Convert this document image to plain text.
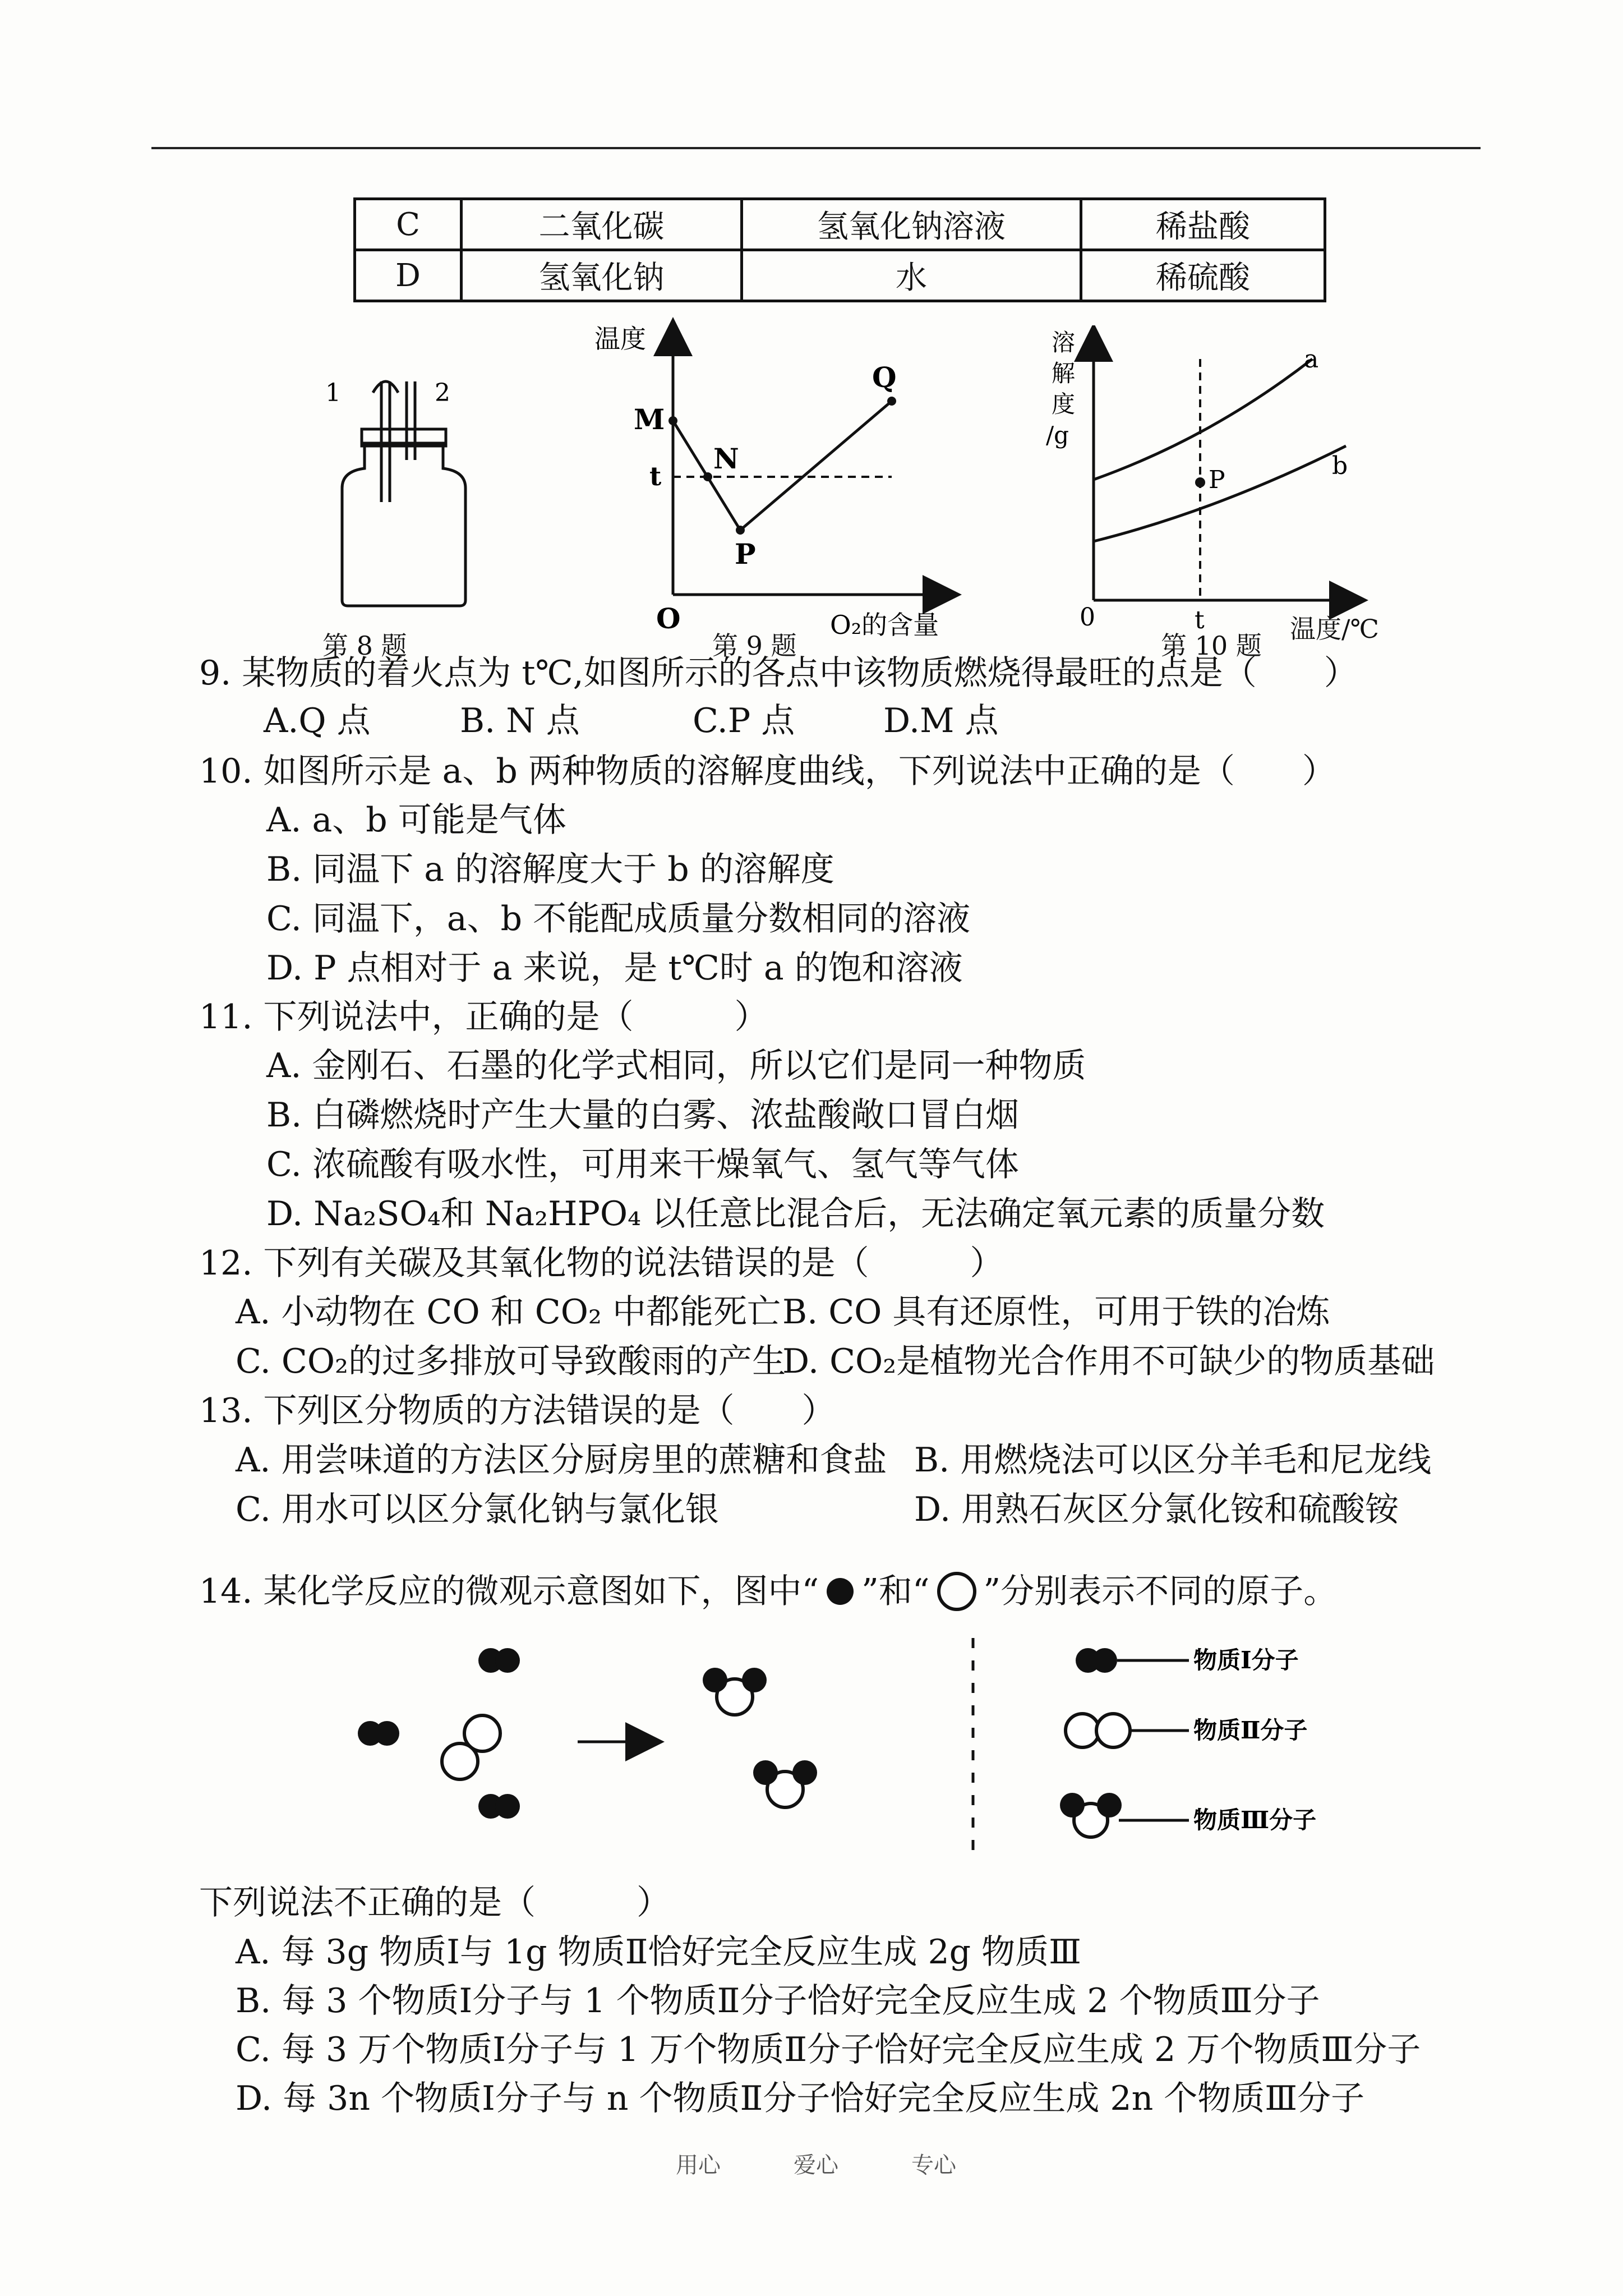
C	二氧化碳	氢氧化钠溶液	稀盐酸
D	氢氧化钠	水	稀硫酸
1	2
第 8 题
温度
M
N
P
Q
t
O	O₂的含量
第 9 题
溶
解
度
/g
P
a
b
0	t
第 10 题
温度/℃
9. 某物质的着火点为 t℃,如图所示的各点中该物质燃烧得最旺的点是（　　）
A.Q 点	B. N 点	C.P 点	D.M 点
10. 如图所示是 a、b 两种物质的溶解度曲线，下列说法中正确的是（　　）
A. a、b 可能是气体
B. 同温下 a 的溶解度大于 b 的溶解度
C. 同温下，a、b 不能配成质量分数相同的溶液
D. P 点相对于 a 来说，是 t℃时 a 的饱和溶液
11. 下列说法中，正确的是（　　　）
A. 金刚石、石墨的化学式相同，所以它们是同一种物质
B. 白磷燃烧时产生大量的白雾、浓盐酸敞口冒白烟
C. 浓硫酸有吸水性，可用来干燥氧气、氢气等气体
D. Na₂SO₄和 Na₂HPO₄ 以任意比混合后，无法确定氧元素的质量分数
12. 下列有关碳及其氧化物的说法错误的是（　　　）
A. 小动物在 CO 和 CO₂ 中都能死亡 B. CO 具有还原性，可用于铁的冶炼
C. CO₂的过多排放可导致酸雨的产生
D. CO₂是植物光合作用不可缺少的物质基础
13. 下列区分物质的方法错误的是（　　）
A. 用尝味道的方法区分厨房里的蔗糖和食盐 B. 用燃烧法可以区分羊毛和尼龙线
C. 用水可以区分氯化钠与氯化银	D. 用熟石灰区分氯化铵和硫酸铵
14. 某化学反应的微观示意图如下，图中“ ”和“ ”分别表示不同的原子。
物质Ⅰ分子
物质Ⅱ分子
物质Ⅲ分子
下列说法不正确的是（　　　）
A. 每 3g 物质Ⅰ与 1g 物质Ⅱ恰好完全反应生成 2g 物质Ⅲ
B. 每 3 个物质Ⅰ分子与 1 个物质Ⅱ分子恰好完全反应生成 2 个物质Ⅲ分子
C. 每 3 万个物质Ⅰ分子与 1 万个物质Ⅱ分子恰好完全反应生成 2 万个物质Ⅲ分子
D. 每 3n 个物质Ⅰ分子与 n 个物质Ⅱ分子恰好完全反应生成 2n 个物质Ⅲ分子
用心	爱心	专心
